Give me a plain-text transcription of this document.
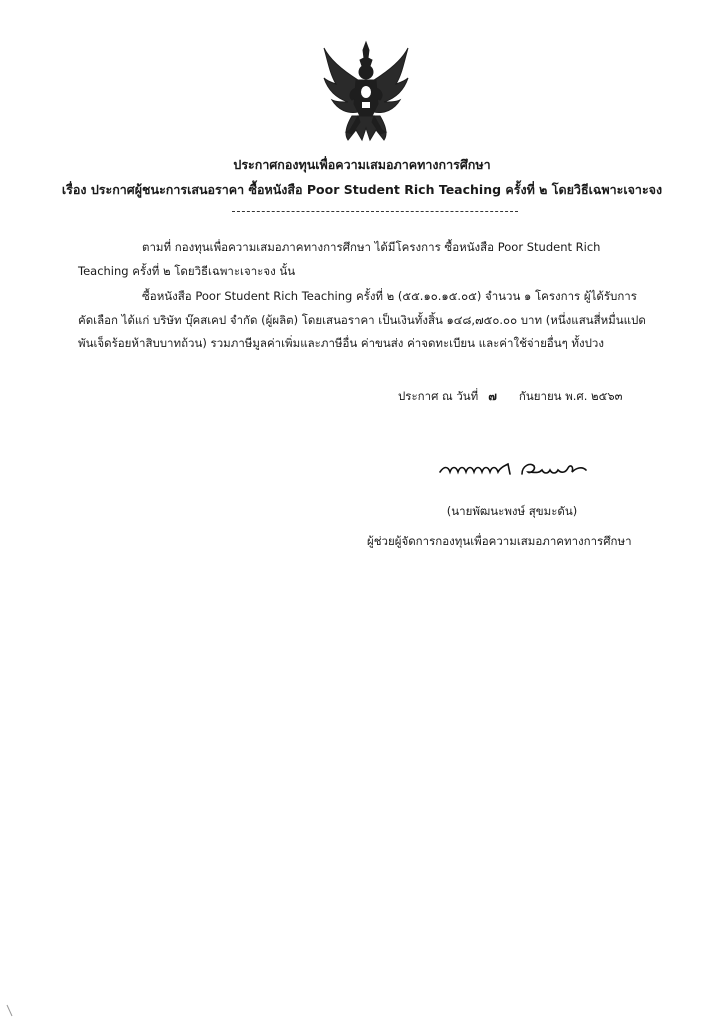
ประกาศกองทุนเพื่อความเสมอภาคทางการศึกษา
เรื่อง ประกาศผู้ชนะการเสนอราคา ซื้อหนังสือ Poor Student Rich Teaching ครั้งที่ ๒ โดยวิธีเฉพาะเจาะจง
ตามที่ กองทุนเพื่อความเสมอภาคทางการศึกษา ได้มีโครงการ ซื้อหนังสือ Poor Student Rich Teaching ครั้งที่ ๒ โดยวิธีเฉพาะเจาะจง นั้น
ซื้อหนังสือ Poor Student Rich Teaching ครั้งที่ ๒ (๕๕.๑๐.๑๕.๐๕) จำนวน ๑ โครงการ ผู้ได้รับการคัดเลือก ได้แก่ บริษัท บุ๊คสเคป จำกัด (ผู้ผลิต) โดยเสนอราคา เป็นเงินทั้งสิ้น ๑๔๘,๗๕๐.๐๐ บาท (หนึ่งแสนสี่หมื่นแปดพันเจ็ดร้อยห้าสิบบาทถ้วน) รวมภาษีมูลค่าเพิ่มและภาษีอื่น ค่าขนส่ง ค่าจดทะเบียน และค่าใช้จ่ายอื่นๆ ทั้งปวง
ประกาศ ณ วันที่ ๗ กันยายน พ.ศ. ๒๕๖๓
(นายพัฒนะพงษ์ สุขมะดัน)
ผู้ช่วยผู้จัดการกองทุนเพื่อความเสมอภาคทางการศึกษา
